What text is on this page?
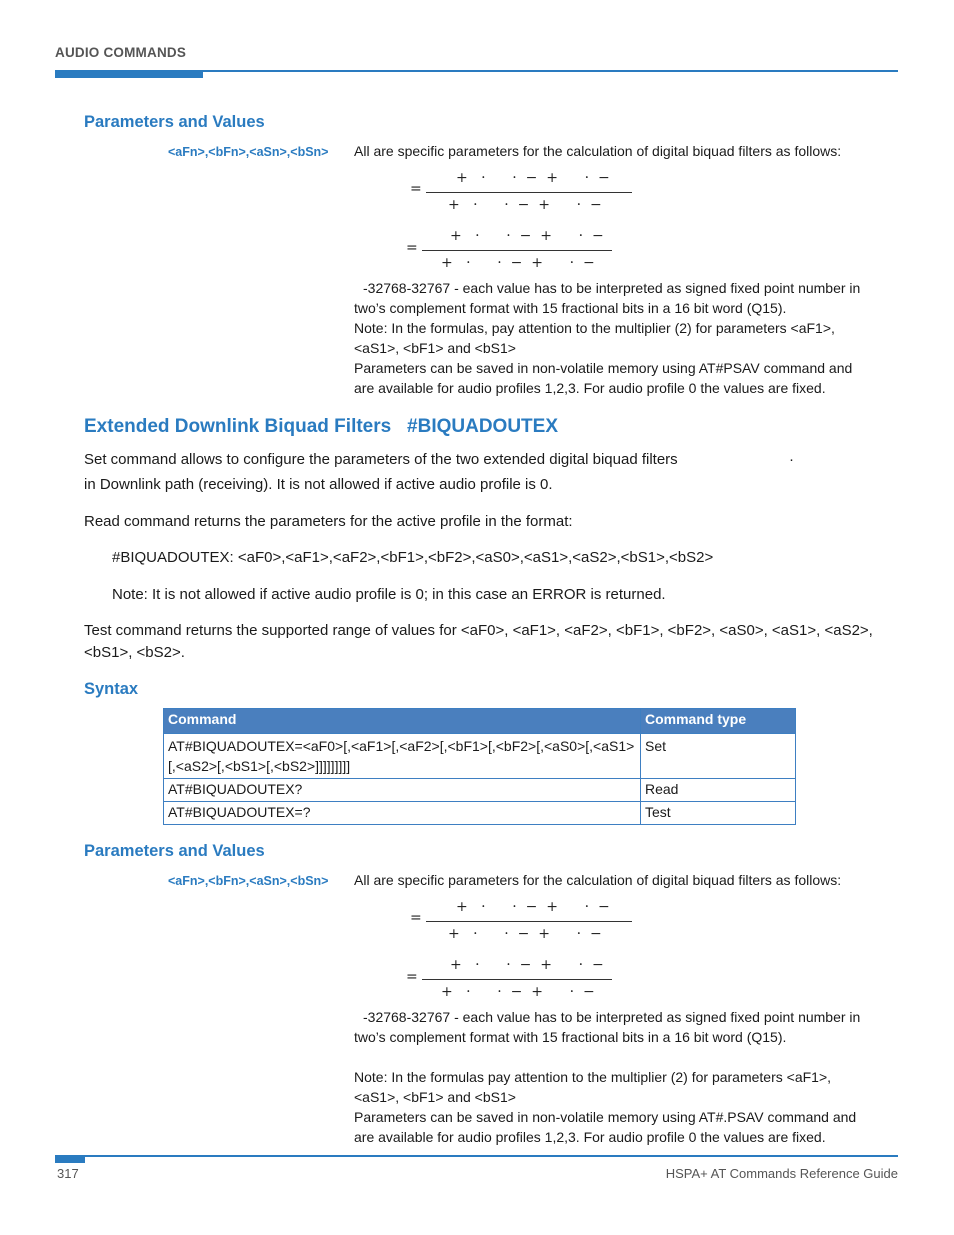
AUDIO COMMANDS
Parameters and Values
<aFn>,<bFn>,<aSn>,<bSn> All are specific parameters for the calculation of digital biquad filters as follows:
=
+   ·      ·  −  +      ·  −
+   ·      ·  −  +      ·  −
=
+   ·      ·  −  +      ·  −
+   ·      ·  −  +      ·  −
-32768-32767 - each value has to be interpreted as signed fixed point number in
two’s complement format with 15 fractional bits in a 16 bit word (Q15).
Note: In the formulas, pay attention to the multiplier (2) for parameters <aF1>,
<aS1>, <bF1> and <bS1>
Parameters can be saved in non-volatile memory using AT#PSAV command and
are available for audio profiles 1,2,3. For audio profile 0 the values are fixed.
Extended Downlink Biquad Filters   #BIQUADOUTEX
Set command allows to configure the parameters of the two extended digital biquad filters	·
in Downlink path (receiving). It is not allowed if active audio profile is 0.
Read command returns the parameters for the active profile in the format:
#BIQUADOUTEX: <aF0>,<aF1>,<aF2>,<bF1>,<bF2>,<aS0>,<aS1>,<aS2>,<bS1>,<bS2>
Note: It is not allowed if active audio profile is 0; in this case an ERROR is returned.
Test command returns the supported range of values for <aF0>, <aF1>, <aF2>, <bF1>, <bF2>, <aS0>, <aS1>, <aS2>,
<bS1>, <bS2>.
Syntax
Command	Command type

AT#BIQUADOUTEX=<aF0>[,<aF1>[,<aF2>[,<bF1>[,<bF2>[,<aS0>[,<aS1>
[,<aS2>[,<bS1>[,<bS2>]]]]]]]]]	Set
AT#BIQUADOUTEX?	Read
AT#BIQUADOUTEX=?	Test
Parameters and Values
<aFn>,<bFn>,<aSn>,<bSn> All are specific parameters for the calculation of digital biquad filters as follows:
=
+   ·      ·  −  +      ·  −
+   ·      ·  −  +      ·  −
=
+   ·      ·  −  +      ·  −
+   ·      ·  −  +      ·  −
-32768-32767 - each value has to be interpreted as signed fixed point number in
two’s complement format with 15 fractional bits in a 16 bit word (Q15).
Note: In the formulas pay attention to the multiplier (2) for parameters <aF1>,
<aS1>, <bF1> and <bS1>
Parameters can be saved in non-volatile memory using AT#.PSAV command and
are available for audio profiles 1,2,3. For audio profile 0 the values are fixed.
317	HSPA+ AT Commands Reference Guide
